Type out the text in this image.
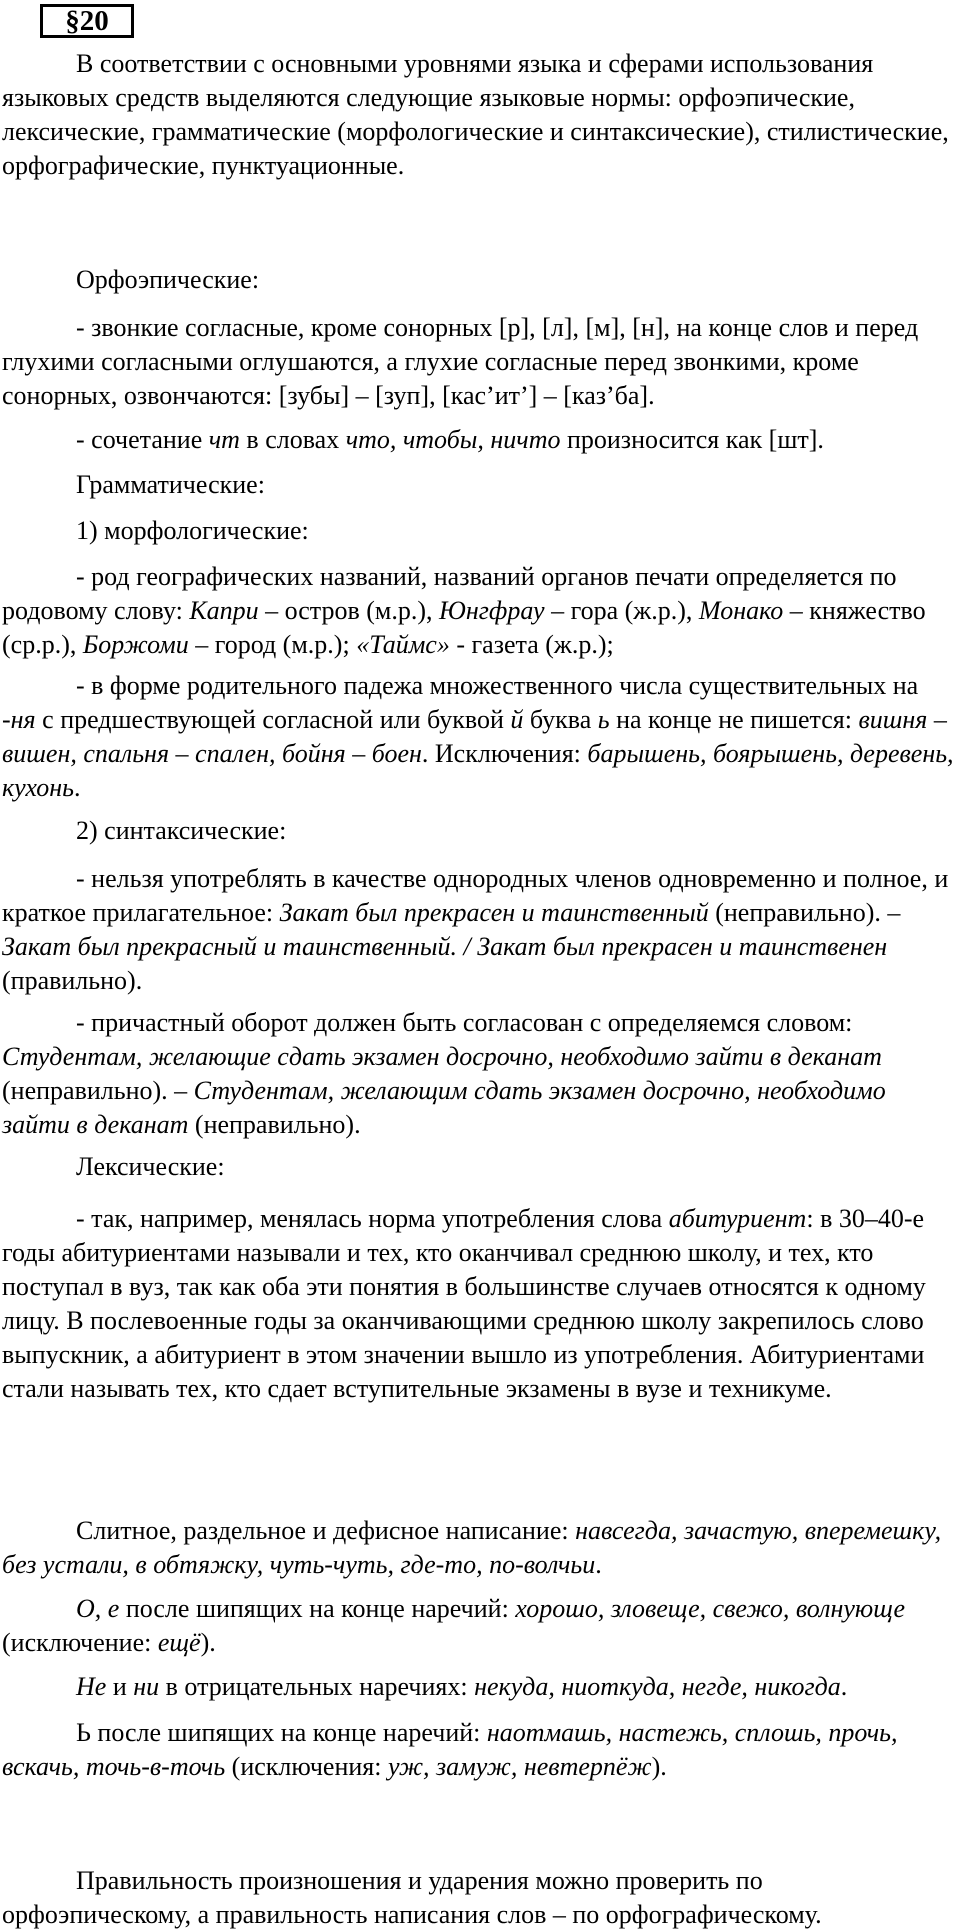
§20

В соответствии с основными уровнями языка и сферами использования языковых средств выделяются следующие языковые нормы: орфоэпические, лексические, грамматические (морфологические и синтаксические), стилистические, орфографические, пунктуационные.

Орфоэпические:

- звонкие согласные, кроме сонорных [р], [л], [м], [н], на конце слов и перед глухими согласными оглушаются, а глухие согласные перед звонкими, кроме сонорных, озвончаются: [зубы] – [зуп], [кас’ит’] – [каз’ба].

- сочетание чт в словах что, чтобы, ничто произносится как [шт].

Грамматические:

1) морфологические:

- род географических названий, названий органов печати определяется по родовому слову: Капри – остров (м.р.), Юнгфрау – гора (ж.р.), Монако – княжество (ср.р.), Боржоми – город (м.р.); «Таймс» - газета (ж.р.);

- в форме родительного падежа множественного числа существительных на -ня с предшествующей согласной или буквой й буква ь на конце не пишется: вишня – вишен, спальня – спален, бойня – боен. Исключения: барышень, боярышень, деревень, кухонь.

2) синтаксические:

- нельзя употреблять в качестве однородных членов одновременно и полное, и краткое прилагательное: Закат был прекрасен и таинственный (неправильно). – Закат был прекрасный и таинственный. / Закат был прекрасен и таинственен (правильно).

- причастный оборот должен быть согласован с определяемся словом: Студентам, желающие сдать экзамен досрочно, необходимо зайти в деканат (неправильно). – Студентам, желающим сдать экзамен досрочно, необходимо зайти в деканат (неправильно).

Лексические:

- так, например, менялась норма употребления слова абитуриент: в 30–40-е годы абитуриентами называли и тех, кто оканчивал среднюю школу, и тех, кто поступал в вуз, так как оба эти понятия в большинстве случаев относятся к одному лицу. В послевоенные годы за оканчивающими среднюю школу закрепилось слово выпускник, а абитуриент в этом значении вышло из употребления. Абитуриентами стали называть тех, кто сдает вступительные экзамены в вузе и техникуме.

Слитное, раздельное и дефисное написание: навсегда, зачастую, вперемешку, без устали, в обтяжку, чуть-чуть, где-то, по-волчьи.

О, е после шипящих на конце наречий: хорошо, зловеще, свежо, волнующе (исключение: ещё).

Не и ни в отрицательных наречиях: некуда, ниоткуда, негде, никогда.

Ь после шипящих на конце наречий: наотмашь, настежь, сплошь, прочь, вскачь, точь-в-точь (исключения: уж, замуж, невтерпёж).

Правильность произношения и ударения можно проверить по орфоэпическому, а правильность написания слов – по орфографическому.
